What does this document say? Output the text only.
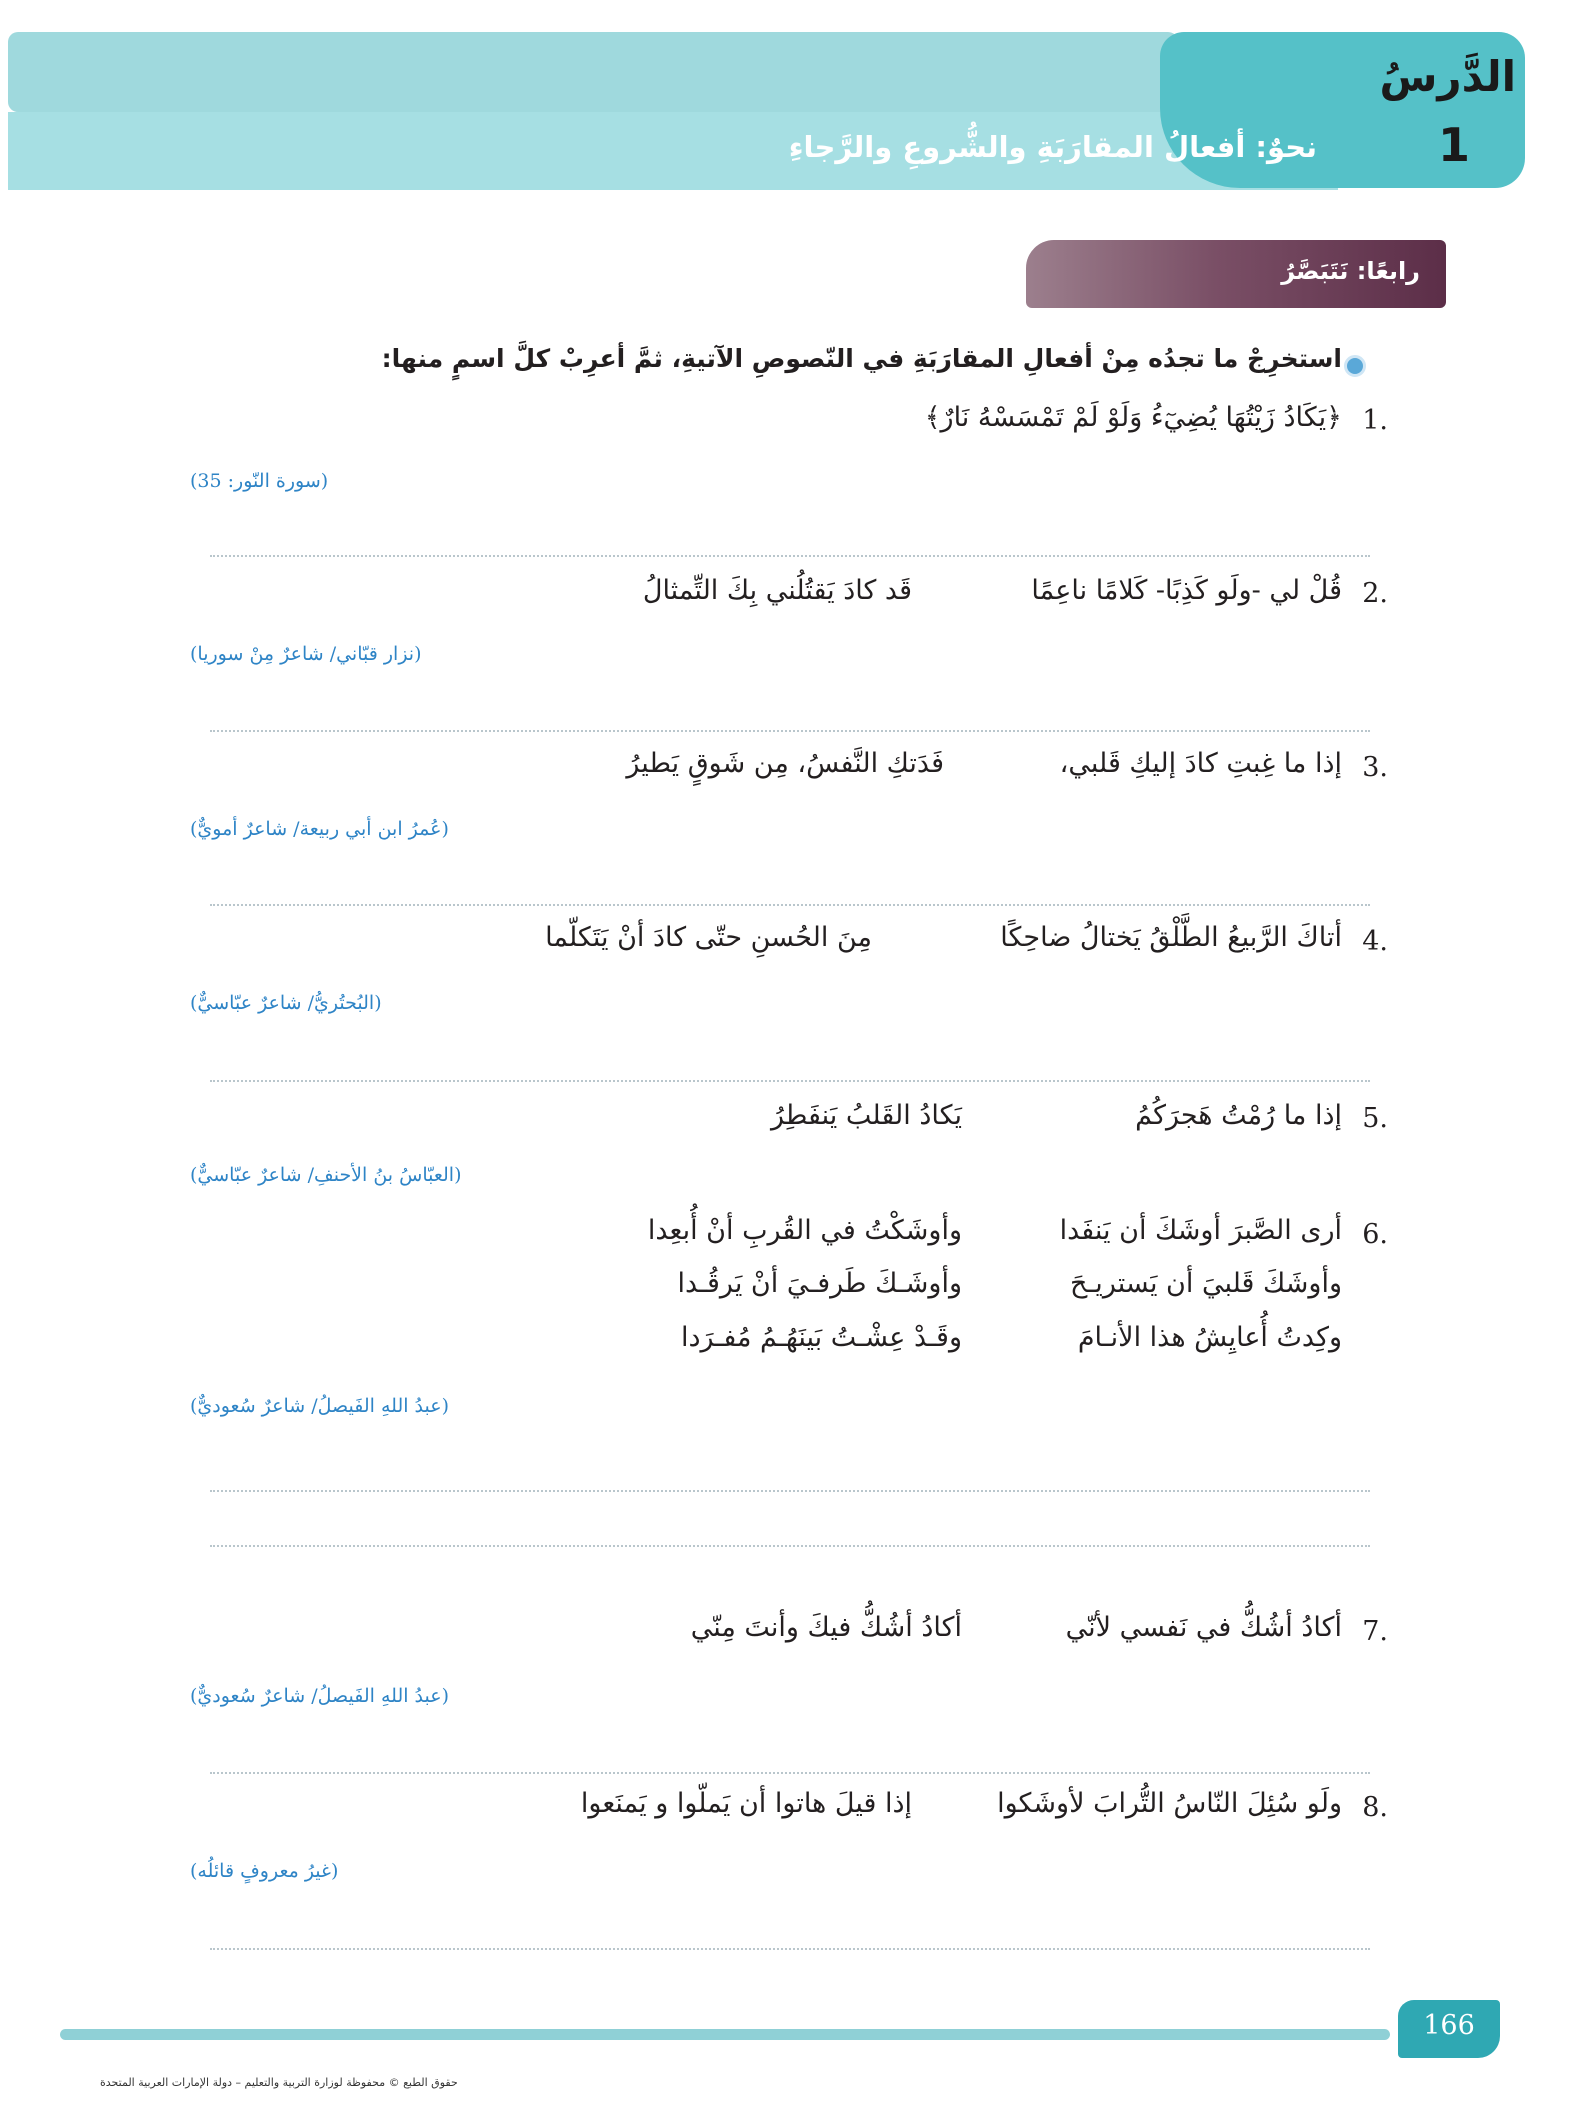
الدَّرسُ
1
نحوٌ: أفعالُ المقارَبَةِ والشُّروعِ والرَّجاءِ
رابعًا: نَتَبَصَّرُ
استخرِجْ ما تجدُه مِنْ أفعالِ المقارَبَةِ في النّصوصِ الآتيةِ، ثمَّ أعرِبْ كلَّ اسمٍ منها:
1.
﴿يَكَادُ زَيْتُهَا يُضِيٓءُ وَلَوْ لَمْ تَمْسَسْهُ نَارٌ﴾
(سورة النّور: 35)
2.
قُلْ لي -ولَو كَذِبًا- كَلامًا ناعِمًا
قَد كادَ يَقتُلُني بِكَ التِّمثالُ
(نزار قبّاني/ شاعرٌ مِنْ سوريا)
3.
إذا ما غِبتِ كادَ إليكِ قَلبي،
فَدَتكِ النَّفسُ، مِن شَوقٍ يَطيرُ
(عُمرُ ابن أبي ربيعة/ شاعرٌ أمويٌّ)
4.
أتاكَ الرَّبيعُ الطَّلْقُ يَختالُ ضاحِكًا
مِنَ الحُسنِ حتّى كادَ أنْ يَتَكلّما
(البُحتُريُّ/ شاعرٌ عبّاسيٌّ)
5.
إذا ما رُمْتُ هَجرَكُمُ
يَكادُ القَلبُ يَنفَطِرُ
(العبّاسُ بنُ الأحنفِ/ شاعرٌ عبّاسيٌّ)
6.
أرى الصَّبرَ أوشَكَ أن يَنفَدا
وأوشَكْتُ في القُربِ أنْ أُبعِدا
وأوشَكَ قَلبيَ أن يَستريـحَ
وأوشَـكَ طَرفـيَ أنْ يَرقُـدا
وكِدتُ أُعايِشُ هذا الأنـامَ
وقَـدْ عِشْـتُ بَينَهُـمُ مُفـرَدا
(عبدُ اللهِ الفَيصلُ/ شاعرٌ سُعوديٌّ)
7.
أكادُ أشُكُّ في نَفسي لأنّي
أكادُ أشُكُّ فيكَ وأنتَ مِنّي
(عبدُ اللهِ الفَيصلُ/ شاعرٌ سُعوديٌّ)
8.
ولَو سُئِلَ النّاسُ التُّرابَ لأوشَكوا
إذا قيلَ هاتوا أن يَملّوا و يَمنَعوا
(غيرُ معروفٍ قائلُه)
166
حقوق الطبع © محفوظة لوزارة التربية والتعليم – دولة الإمارات العربية المتحدة
